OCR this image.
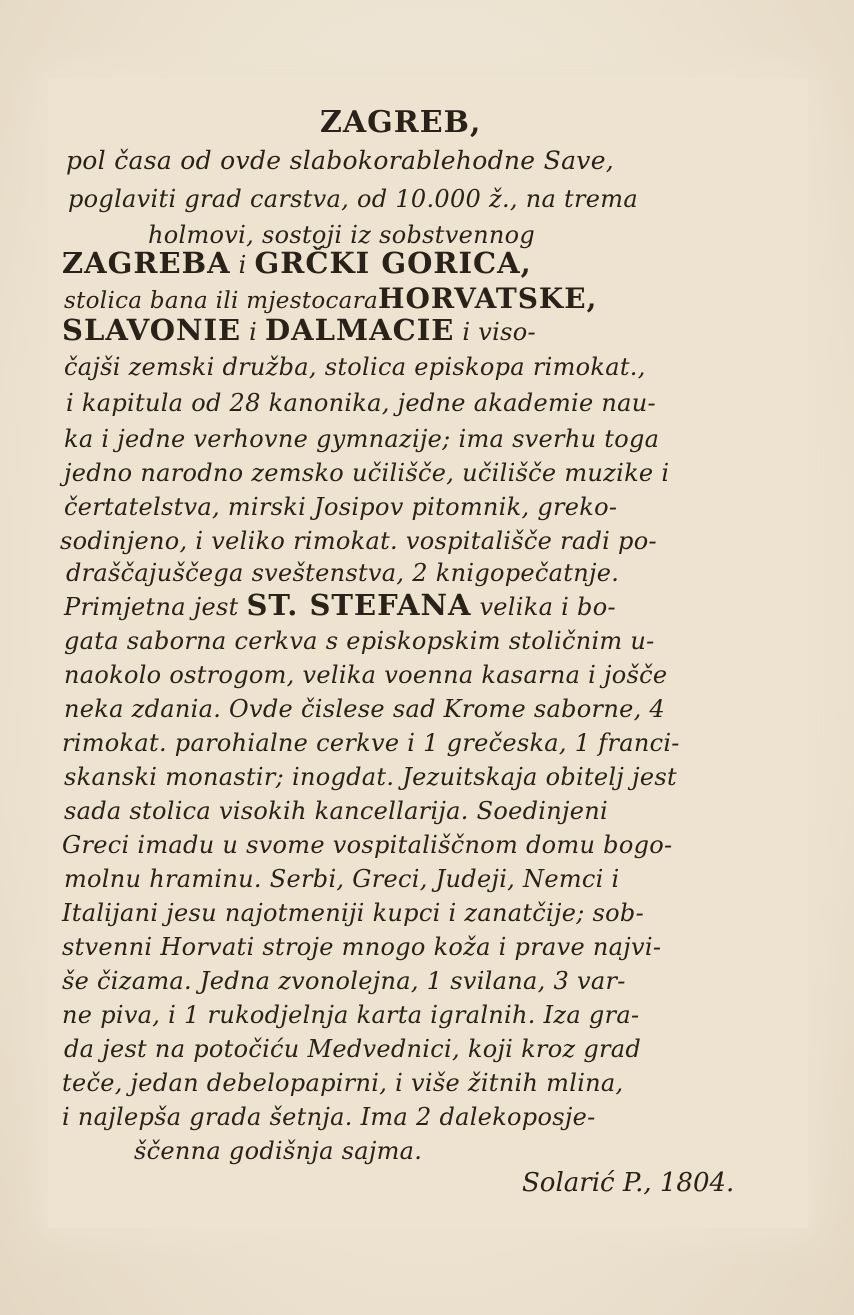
ZAGREB,
pol časa od ovde slabokorablehodne Save,
poglaviti grad carstva, od 10.000 ž., na trema
holmovi, sostoji iz sobstvennog
ZAGREBA i GRČKI GORICA,
stolica bana ili mjestocaraHORVATSKE,
SLAVONIE i DALMACIE i viso-
čajši zemski družba, stolica episkopa rimokat.,
i kapitula od 28 kanonika, jedne akademie nau-
ka i jedne verhovne gymnazije; ima sverhu toga
jedno narodno zemsko učilišče, učilišče muzike i
čertatelstva, mirski Josipov pitomnik, greko-
sodinjeno, i veliko rimokat. vospitališče radi po-
draščajuščega sveštenstva, 2 knigopečatnje.
Primjetna jest ST. STEFANA velika i bo-
gata saborna cerkva s episkopskim stoličnim u-
naokolo ostrogom, velika voenna kasarna i jošče
neka zdania. Ovde čislese sad Krome saborne, 4
rimokat. parohialne cerkve i 1 grečeska, 1 franci-
skanski monastir; inogdat. Jezuitskaja obitelj jest
sada stolica visokih kancellarija. Soedinjeni
Greci imadu u svome vospitališčnom domu bogo-
molnu hraminu. Serbi, Greci, Judeji, Nemci i
Italijani jesu najotmeniji kupci i zanatčije; sob-
stvenni Horvati stroje mnogo koža i prave najvi-
še čizama. Jedna zvonolejna, 1 svilana, 3 var-
ne piva, i 1 rukodjelnja karta igralnih. Iza gra-
da jest na potočiću Medvednici, koji kroz grad
teče, jedan debelopapirni, i više žitnih mlina,
i najlepša grada šetnja. Ima 2 dalekoposje-
ščenna godišnja sajma.
Solarić P., 1804.
